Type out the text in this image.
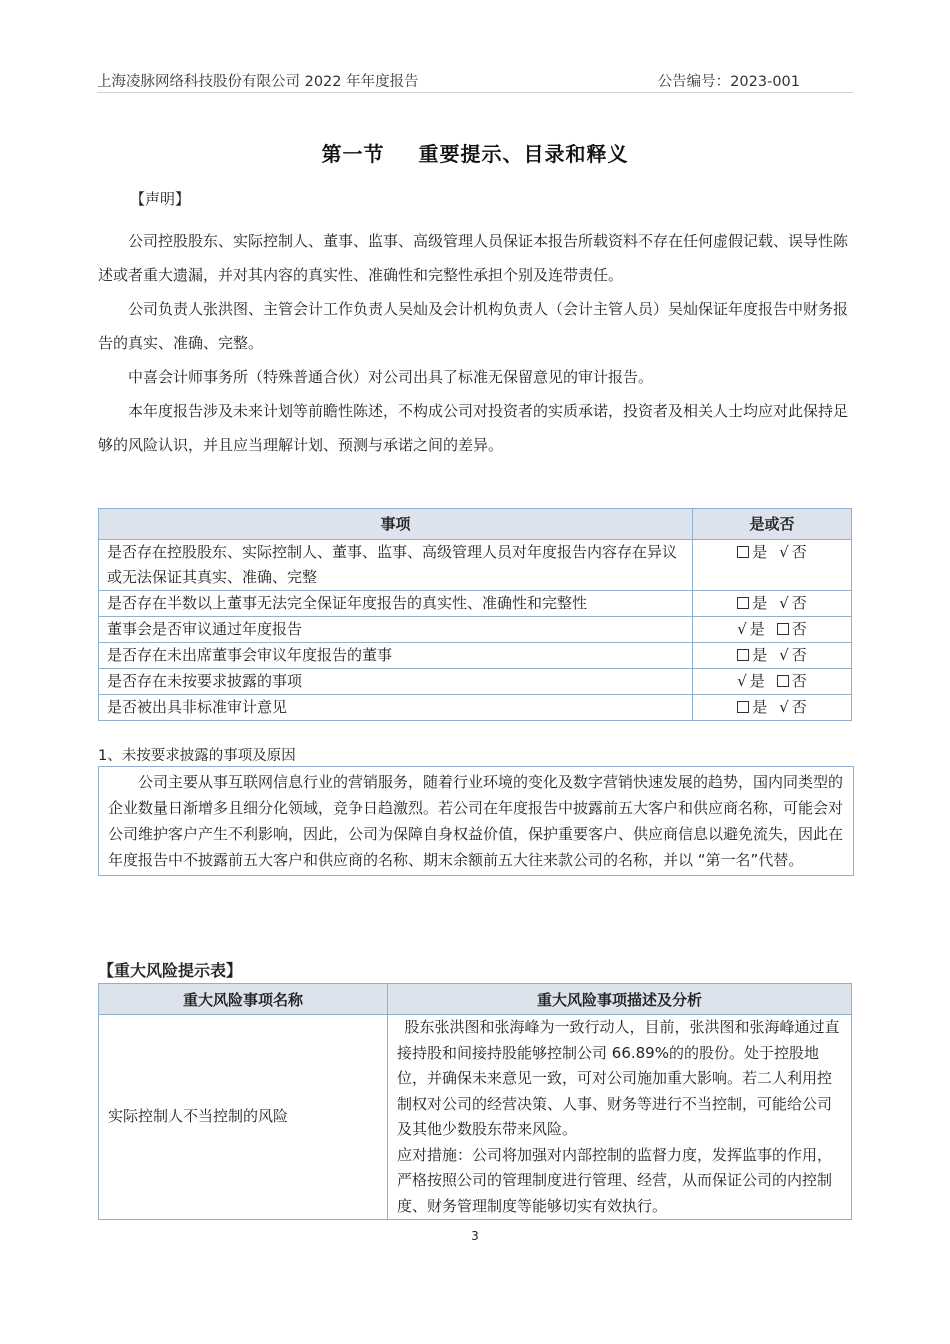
上海凌脉网络科技股份有限公司 2022 年年度报告	公告编号：2023-001
第一节 重要提示、目录和释义
【声明】

公司控股股东、实际控制人、董事、监事、高级管理人员保证本报告所载资料不存在任何虚假记载、误导性陈述或者重大遗漏，并对其内容的真实性、准确性和完整性承担个别及连带责任。

公司负责人张洪图、主管会计工作负责人吴灿及会计机构负责人（会计主管人员）吴灿保证年度报告中财务报告的真实、准确、完整。

中喜会计师事务所（特殊普通合伙）对公司出具了标准无保留意见的审计报告。

本年度报告涉及未来计划等前瞻性陈述，不构成公司对投资者的实质承诺，投资者及相关人士均应对此保持足够的风险认识，并且应当理解计划、预测与承诺之间的差异。

事项	是或否
是否存在控股股东、实际控制人、董事、监事、高级管理人员对年度报告内容存在异议或无法保证其真实、准确、完整	是 √ 否
是否存在半数以上董事无法完全保证年度报告的真实性、准确性和完整性	是 √ 否
董事会是否审议通过年度报告	√ 是 否
是否存在未出席董事会审议年度报告的董事	是 √ 否
是否存在未按要求披露的事项	√ 是 否
是否被出具非标准审计意见	是 √ 否
1、未按要求披露的事项及原因

公司主要从事互联网信息行业的营销服务，随着行业环境的变化及数字营销快速发展的趋势，国内同类型的企业数量日渐增多且细分化领域，竞争日趋激烈。若公司在年度报告中披露前五大客户和供应商名称，可能会对公司维护客户产生不利影响，因此，公司为保障自身权益价值，保护重要客户、供应商信息以避免流失，因此在年度报告中不披露前五大客户和供应商的名称、期末余额前五大往来款公司的名称，并以 “第一名”代替。

【重大风险提示表】
重大风险事项名称	重大风险事项描述及分析
实际控制人不当控制的风险	股东张洪图和张海峰为一致行动人，目前，张洪图和张海峰通过直接持股和间接持股能够控制公司 66.89%的的股份。处于控股地位，并确保未来意见一致，可对公司施加重大影响。若二人利用控制权对公司的经营决策、人事、财务等进行不当控制，可能给公司及其他少数股东带来风险。

应对措施：公司将加强对内部控制的监督力度，发挥监事的作用，严格按照公司的管理制度进行管理、经营，从而保证公司的内控制度、财务管理制度等能够切实有效执行。

3
